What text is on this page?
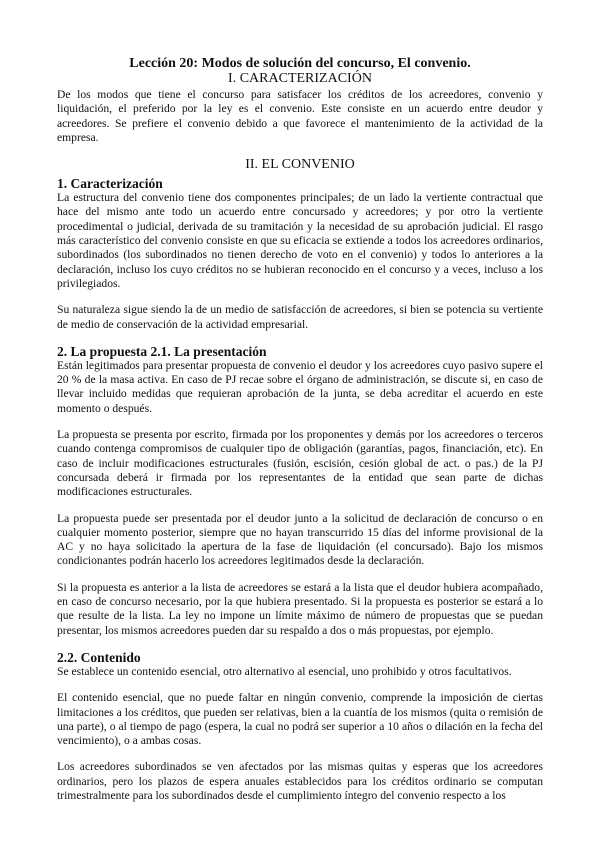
Lección 20: Modos de solución del concurso, El convenio.
I. CARACTERIZACIÓN

De los modos que tiene el concurso para satisfacer los créditos de los acreedores, convenio y liquidación, el preferido por la ley es el convenio. Este consiste en un acuerdo entre deudor y acreedores. Se prefiere el convenio debido a que favorece el mantenimiento de la actividad de la empresa.

II. EL CONVENIO
1. Caracterización

La estructura del convenio tiene dos componentes principales; de un lado la vertiente contractual que hace del mismo ante todo un acuerdo entre concursado y acreedores; y por otro la vertiente procedimental o judicial, derivada de su tramitación y la necesidad de su aprobación judicial. El rasgo más característico del convenio consiste en que su eficacia se extiende a todos los acreedores ordinarios, subordinados (los subordinados no tienen derecho de voto en el convenio) y todos lo anteriores a la declaración, incluso los cuyo créditos no se hubieran reconocido en el concurso y a veces, incluso a los privilegiados.

Su naturaleza sigue siendo la de un medio de satisfacción de acreedores, si bien se potencia su vertiente de medio de conservación de la actividad empresarial.

2. La propuesta 2.1. La presentación

Están legitimados para presentar propuesta de convenio el deudor y los acreedores cuyo pasivo supere el 20 % de la masa activa. En caso de PJ recae sobre el órgano de administración, se discute si, en caso de llevar incluido medidas que requieran aprobación de la junta, se deba acreditar el acuerdo en este momento o después.

La propuesta se presenta por escrito, firmada por los proponentes y demás por los acreedores o terceros cuando contenga compromisos de cualquier tipo de obligación (garantías, pagos, financiación, etc). En caso de incluir modificaciones estructurales (fusión, escisión, cesión global de act. o pas.) de la PJ concursada deberá ir firmada por los representantes de la entidad que sean parte de dichas modificaciones estructurales.

La propuesta puede ser presentada por el deudor junto a la solicitud de declaración de concurso o en cualquier momento posterior, siempre que no hayan transcurrido 15 días del informe provisional de la AC y no haya solicitado la apertura de la fase de liquidación (el concursado). Bajo los mismos condicionantes podrán hacerlo los acreedores legitimados desde la declaración.

Si la propuesta es anterior a la lista de acreedores se estará a la lista que el deudor hubiera acompañado, en caso de concurso necesario, por la que hubiera presentado. Si la propuesta es posterior se estará a lo que resulte de la lista. La ley no impone un límite máximo de número de propuestas que se puedan presentar, los mismos acreedores pueden dar su respaldo a dos o más propuestas, por ejemplo.

2.2. Contenido

Se establece un contenido esencial, otro alternativo al esencial, uno prohibido y otros facultativos.

El contenido esencial, que no puede faltar en ningún convenio, comprende la imposición de ciertas limitaciones a los créditos, que pueden ser relativas, bien a la cuantía de los mismos (quita o remisión de una parte), o al tiempo de pago (espera, la cual no podrá ser superior a 10 años o dilación en la fecha del vencimiento), o a ambas cosas.

Los acreedores subordinados se ven afectados por las mismas quitas y esperas que los acreedores ordinarios, pero los plazos de espera anuales establecidos para los créditos ordinario se computan trimestralmente para los subordinados desde el cumplimiento íntegro del convenio respecto a los
